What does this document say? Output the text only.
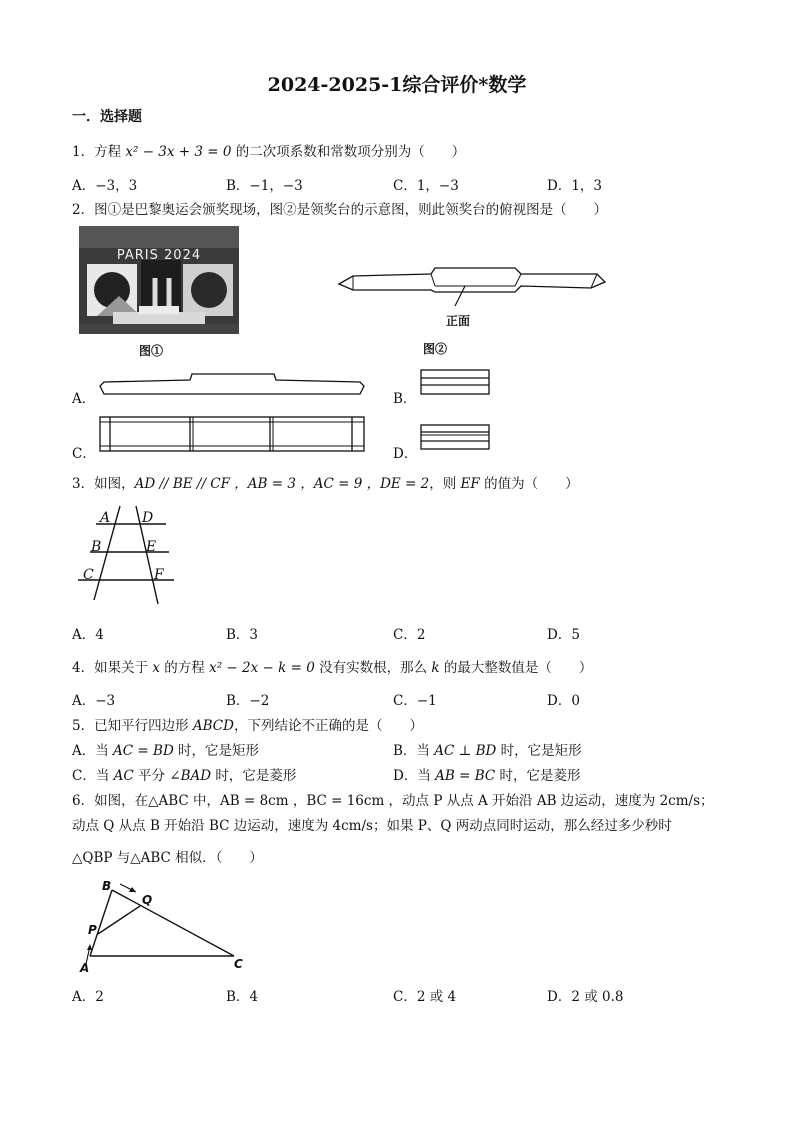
2024-2025-1综合评价*数学
一．选择题
1．方程 x² − 3x + 3 = 0 的二次项系数和常数项分别为（　　）
A．−3，3	B．−1，−3	C．1，−3	D．1，3
2．图①是巴黎奥运会颁奖现场，图②是领奖台的示意图，则此领奖台的俯视图是（　　）
PARIS 2024
图①
正面
图②
A．	B．
C．	D．
3．如图，AD // BE // CF ，AB = 3 ，AC = 9 ，DE = 2，则 EF 的值为（　　）
A D
B	E
C	F
A．4	B．3	C．2	D．5
4．如果关于 x 的方程 x² − 2x − k = 0 没有实数根，那么 k 的最大整数值是（　　）
A．−3	B．−2	C．−1	D．0
5．已知平行四边形 ABCD，下列结论不正确的是（　　）
A．当 AC = BD 时，它是矩形	B．当 AC ⊥ BD 时，它是矩形
C．当 AC 平分 ∠BAD 时，它是菱形	D．当 AB = BC 时，它是菱形
6．如图，在△ABC 中，AB = 8cm ，BC = 16cm ，动点 P 从点 A 开始沿 AB 边运动，速度为 2cm/s；
动点 Q 从点 B 开始沿 BC 边运动，速度为 4cm/s；如果 P、Q 两动点同时运动，那么经过多少秒时
△QBP 与△ABC 相似．（　　）
B
Q
P
A	C
A．2	B．4	C．2 或 4	D．2 或 0.8
